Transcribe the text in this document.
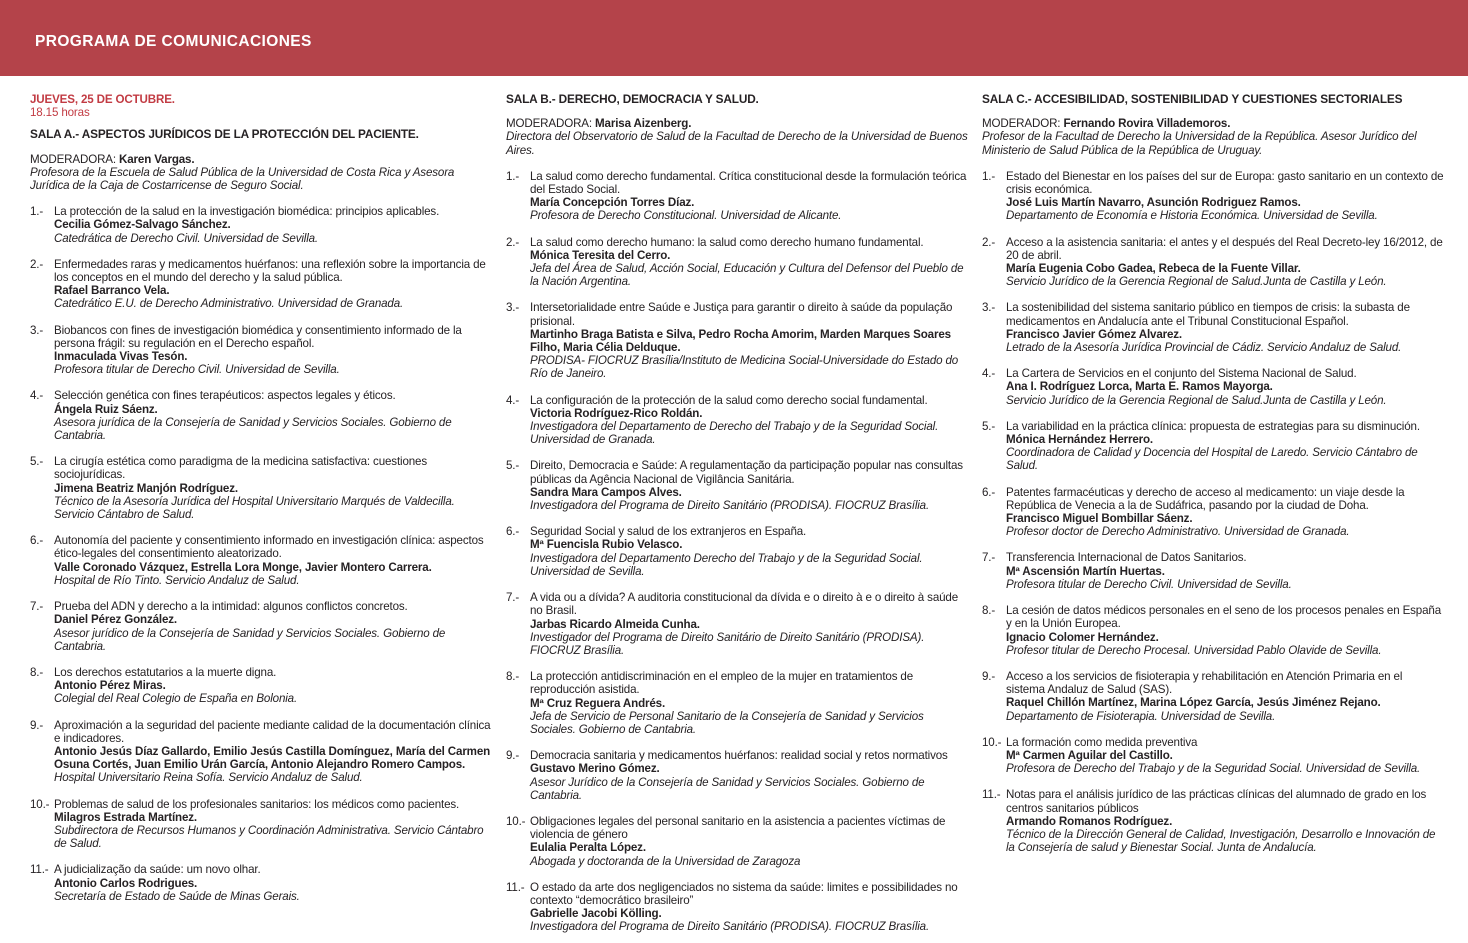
PROGRAMA DE COMUNICACIONES
JUEVES, 25 DE OCTUBRE.
18.15 horas
SALA A.- ASPECTOS JURÍDICOS DE LA PROTECCIÓN DEL PACIENTE.

MODERADORA: Karen Vargas.

Profesora de la Escuela de Salud Pública de la Universidad de Costa Rica y Asesora Jurídica de la Caja de Costarricense de Seguro Social.

1.- La protección de la salud en la investigación biomédica: principios aplicables.
Cecilia Gómez-Salvago Sánchez.
Catedrática de Derecho Civil. Universidad de Sevilla.
2.- Enfermedades raras y medicamentos huérfanos: una reflexión sobre la importancia de los conceptos en el mundo del derecho y la salud pública.
Rafael Barranco Vela.
Catedrático E.U. de Derecho Administrativo. Universidad de Granada.
3.- Biobancos con fines de investigación biomédica y consentimiento informado de la persona frágil: su regulación en el Derecho español.
Inmaculada Vivas Tesón.
Profesora titular de Derecho Civil. Universidad de Sevilla.
4.- Selección genética con fines terapéuticos: aspectos legales y éticos.
Ángela Ruiz Sáenz.
Asesora jurídica de la Consejería de Sanidad y Servicios Sociales. Gobierno de Cantabria.
5.- La cirugía estética como paradigma de la medicina satisfactiva: cuestiones sociojurídicas.
Jimena Beatriz Manjón Rodríguez.
Técnico de la Asesoría Jurídica del Hospital Universitario Marqués de Valdecilla. Servicio Cántabro de Salud.
6.- Autonomía del paciente y consentimiento informado en investigación clínica: aspectos ético-legales del consentimiento aleatorizado.
Valle Coronado Vázquez, Estrella Lora Monge, Javier Montero Carrera.
Hospital de Río Tinto. Servicio Andaluz de Salud.
7.- Prueba del ADN y derecho a la intimidad: algunos conflictos concretos.
Daniel Pérez González.
Asesor jurídico de la Consejería de Sanidad y Servicios Sociales. Gobierno de Cantabria.
8.- Los derechos estatutarios a la muerte digna.
Antonio Pérez Miras.
Colegial del Real Colegio de España en Bolonia.
9.- Aproximación a la seguridad del paciente mediante calidad de la documentación clínica e indicadores.
Antonio Jesús Díaz Gallardo, Emilio Jesús Castilla Domínguez, María del Carmen Osuna Cortés, Juan Emilio Urán García, Antonio Alejandro Romero Campos.
Hospital Universitario Reina Sofía. Servicio Andaluz de Salud.
10.- Problemas de salud de los profesionales sanitarios: los médicos como pacientes.
Milagros Estrada Martínez.
Subdirectora de Recursos Humanos y Coordinación Administrativa. Servicio Cántabro de Salud.
11.- A judicialização da saúde: um novo olhar.
Antonio Carlos Rodrigues.
Secretaría de Estado de Saúde de Minas Gerais.
SALA B.- DERECHO, DEMOCRACIA Y SALUD.

MODERADORA: Marisa Aizenberg.

Directora del Observatorio de Salud de la Facultad de Derecho de la Universidad de Buenos Aires.

1.- La salud como derecho fundamental. Crítica constitucional desde la formulación teórica del Estado Social.
María Concepción Torres Díaz.
Profesora de Derecho Constitucional. Universidad de Alicante.
2.- La salud como derecho humano: la salud como derecho humano fundamental.
Mónica Teresita del Cerro.
Jefa del Área de Salud, Acción Social, Educación y Cultura del Defensor del Pueblo de la Nación Argentina.
3.- Intersetorialidade entre Saúde e Justiça para garantir o direito à saúde da população prisional.
Martinho Braga Batista e Silva, Pedro Rocha Amorim, Marden Marques Soares Filho, Maria Célia Delduque.
PRODISA- FIOCRUZ Brasília/Instituto de Medicina Social-Universidade do Estado do Río de Janeiro.
4.- La configuración de la protección de la salud como derecho social fundamental.
Victoria Rodríguez-Rico Roldán.
Investigadora del Departamento de Derecho del Trabajo y de la Seguridad Social. Universidad de Granada.
5.- Direito, Democracia e Saúde: A regulamentação da participação popular nas consultas públicas da Agência Nacional de Vigilância Sanitária.
Sandra Mara Campos Alves.
Investigadora del Programa de Direito Sanitário (PRODISA). FIOCRUZ Brasília.
6.- Seguridad Social y salud de los extranjeros en España.
Mª Fuencisla Rubio Velasco.
Investigadora del Departamento Derecho del Trabajo y de la Seguridad Social. Universidad de Sevilla.
7.- A vida ou a dívida? A auditoria constitucional da dívida e o direito à e o direito à saúde no Brasil.
Jarbas Ricardo Almeida Cunha.
Investigador del Programa de Direito Sanitário de Direito Sanitário (PRODISA). FIOCRUZ Brasília.
8.- La protección antidiscriminación en el empleo de la mujer en tratamientos de reproducción asistida.
Mª Cruz Reguera Andrés.
Jefa de Servicio de Personal Sanitario de la Consejería de Sanidad y Servicios Sociales. Gobierno de Cantabria.
9.- Democracia sanitaria y medicamentos huérfanos: realidad social y retos normativos
Gustavo Merino Gómez.
Asesor Jurídico de la Consejería de Sanidad y Servicios Sociales. Gobierno de Cantabria.
10.- Obligaciones legales del personal sanitario en la asistencia a pacientes víctimas de violencia de género
Eulalia Peralta López.
Abogada y doctoranda de la Universidad de Zaragoza
11.- O estado da arte dos negligenciados no sistema da saúde: limites e possibilidades no contexto “democrático brasileiro”
Gabrielle Jacobi Kölling.
Investigadora del Programa de Direito Sanitário (PRODISA). FIOCRUZ Brasília.
SALA C.- ACCESIBILIDAD, SOSTENIBILIDAD Y CUESTIONES SECTORIALES

MODERADOR: Fernando Rovira Villademoros.

Profesor de la Facultad de Derecho la Universidad de la República. Asesor Jurídico del Ministerio de Salud Pública de la República de Uruguay.

1.- Estado del Bienestar en los países del sur de Europa: gasto sanitario en un contexto de crisis económica.
José Luis Martín Navarro, Asunción Rodriguez Ramos.
Departamento de Economía e Historia Económica. Universidad de Sevilla.
2.- Acceso a la asistencia sanitaria: el antes y el después del Real Decreto-ley 16/2012, de 20 de abril.
María Eugenia Cobo Gadea, Rebeca de la Fuente Villar.
Servicio Jurídico de la Gerencia Regional de Salud.Junta de Castilla y León.
3.- La sostenibilidad del sistema sanitario público en tiempos de crisis: la subasta de medicamentos en Andalucía ante el Tribunal Constitucional Español.
Francisco Javier Gómez Alvarez.
Letrado de la Asesoría Jurídica Provincial de Cádiz. Servicio Andaluz de Salud.
4.- La Cartera de Servicios en el conjunto del Sistema Nacional de Salud.
Ana I. Rodríguez Lorca, Marta E. Ramos Mayorga.
Servicio Jurídico de la Gerencia Regional de Salud.Junta de Castilla y León.
5.- La variabilidad en la práctica clínica: propuesta de estrategias para su disminución.
Mónica Hernández Herrero.
Coordinadora de Calidad y Docencia del Hospital de Laredo. Servicio Cántabro de Salud.
6.- Patentes farmacéuticas y derecho de acceso al medicamento: un viaje desde la República de Venecia a la de Sudáfrica, pasando por la ciudad de Doha.
Francisco Miguel Bombillar Sáenz.
Profesor doctor de Derecho Administrativo. Universidad de Granada.
7.- Transferencia Internacional de Datos Sanitarios.
Mª Ascensión Martín Huertas.
Profesora titular de Derecho Civil. Universidad de Sevilla.
8.- La cesión de datos médicos personales en el seno de los procesos penales en España y en la Unión Europea.
Ignacio Colomer Hernández.
Profesor titular de Derecho Procesal. Universidad Pablo Olavide de Sevilla.
9.- Acceso a los servicios de fisioterapia y rehabilitación en Atención Primaria en el sistema Andaluz de Salud (SAS).
Raquel Chillón Martínez, Marina López García, Jesús Jiménez Rejano.
Departamento de Fisioterapia. Universidad de Sevilla.
10.- La formación como medida preventiva
Mª Carmen Aguilar del Castillo.
Profesora de Derecho del Trabajo y de la Seguridad Social. Universidad de Sevilla.
11.- Notas para el análisis jurídico de las prácticas clínicas del alumnado de grado en los centros sanitarios públicos
Armando Romanos Rodríguez.
Técnico de la Dirección General de Calidad, Investigación, Desarrollo e Innovación de la Consejería de salud y Bienestar Social. Junta de Andalucía.
